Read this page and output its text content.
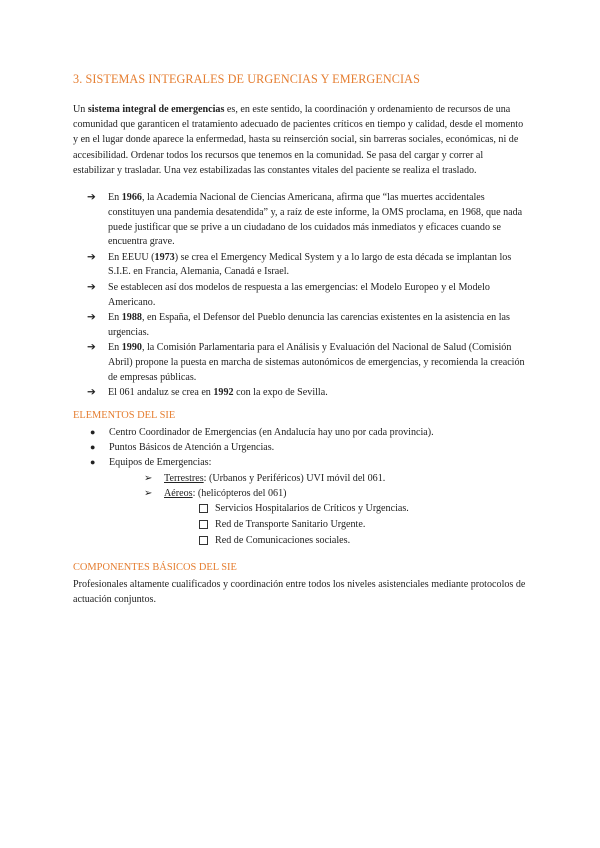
3. SISTEMAS INTEGRALES DE URGENCIAS Y EMERGENCIAS

Un sistema integral de emergencias es, en este sentido, la coordinación y ordenamiento de recursos de una comunidad que garanticen el tratamiento adecuado de pacientes críticos en tiempo y calidad, desde el momento y en el lugar donde aparece la enfermedad, hasta su reinserción social, sin barreras sociales, económicas, ni de accesibilidad. Ordenar todos los recursos que tenemos en la comunidad. Se pasa del cargar y correr al estabilizar y trasladar. Una vez estabilizadas las constantes vitales del paciente se realiza el traslado.

➔ En 1966, la Academia Nacional de Ciencias Americana, afirma que “las muertes accidentales constituyen una pandemia desatendida” y, a raíz de este informe, la OMS proclama, en 1968, que nada puede justificar que se prive a un ciudadano de los cuidados más inmediatos y eficaces cuando se encuentra grave.
➔ En EEUU (1973) se crea el Emergency Medical System y a lo largo de esta década se implantan los S.I.E. en Francia, Alemania, Canadá e Israel.
➔ Se establecen así dos modelos de respuesta a las emergencias: el Modelo Europeo y el Modelo Americano.
➔ En 1988, en España, el Defensor del Pueblo denuncia las carencias existentes en la asistencia en las urgencias.
➔ En 1990, la Comisión Parlamentaria para el Análisis y Evaluación del Nacional de Salud (Comisión Abril) propone la puesta en marcha de sistemas autonómicos de emergencias, y recomienda la creación de empresas públicas.
➔ El 061 andaluz se crea en 1992 con la expo de Sevilla.
ELEMENTOS DEL SIE
● Centro Coordinador de Emergencias (en Andalucía hay uno por cada provincia).
● Puntos Básicos de Atención a Urgencias.
● Equipos de Emergencias:
➢ Terrestres: (Urbanos y Periféricos) UVI móvil del 061.
➢ Aéreos: (helicópteros del 061)
Servicios Hospitalarios de Críticos y Urgencias.
Red de Transporte Sanitario Urgente.
Red de Comunicaciones sociales.
COMPONENTES BÁSICOS DEL SIE

Profesionales altamente cualificados y coordinación entre todos los niveles asistenciales mediante protocolos de actuación conjuntos.
